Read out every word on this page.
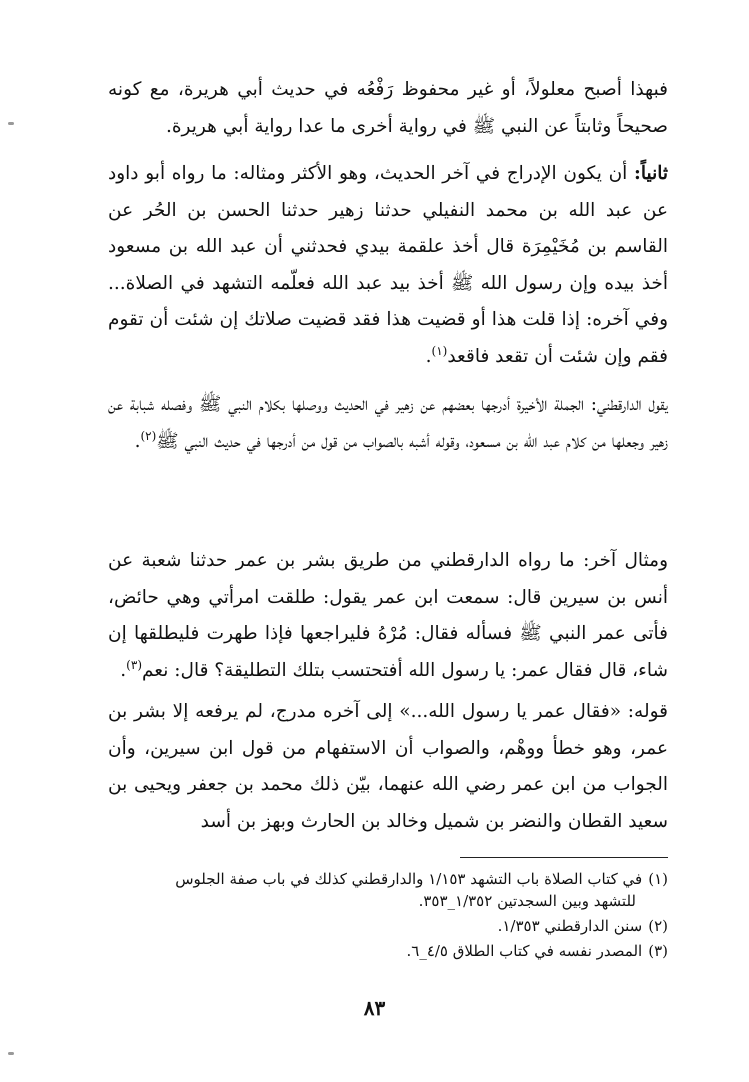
فبهذا أصبح معلولاً، أو غير محفوظ رَفْعُه في حديث أبي هريرة، مع كونه صحيحاً وثابتاً عن النبي ﷺ في رواية أخرى ما عدا رواية أبي هريرة.

ثانياً: أن يكون الإدراج في آخر الحديث، وهو الأكثر ومثاله: ما رواه أبو داود عن عبد الله بن محمد النفيلي حدثنا زهير حدثنا الحسن بن الحُر عن القاسم بن مُخَيْمِرَة قال أخذ علقمة بيدي فحدثني أن عبد الله بن مسعود أخذ بيده وإن رسول الله ﷺ أخذ بيد عبد الله فعلّمه التشهد في الصلاة... وفي آخره: إذا قلت هذا أو قضيت هذا فقد قضيت صلاتك إن شئت أن تقوم فقم وإن شئت أن تقعد فاقعد$^{(١)}$.

يقول الدارقطني: الجملة الأخيرة أدرجها بعضهم عن زهير في الحديث ووصلها بكلام النبي ﷺ وفصله شبابة عن زهير وجعلها من كلام عبد الله بن مسعود، وقوله أشبه بالصواب من قول من أدرجها في حديث النبي ﷺ$^{(٢)}$.

ومثال آخر: ما رواه الدارقطني من طريق بشر بن عمر حدثنا شعبة عن أنس بن سيرين قال: سمعت ابن عمر يقول: طلقت امرأتي وهي حائض، فأتى عمر النبي ﷺ فسأله فقال: مُرْهُ فليراجعها فإذا طهرت فليطلقها إن شاء، قال فقال عمر: يا رسول الله أفتحتسب بتلك التطليقة؟ قال: نعم$^{(٣)}$.

قوله: «فقال عمر يا رسول الله...» إلى آخره مدرج، لم يرفعه إلا بشر بن عمر، وهو خطأ ووهْم، والصواب أن الاستفهام من قول ابن سيرين، وأن الجواب من ابن عمر رضي الله عنهما، بيّن ذلك محمد بن جعفر ويحيى بن سعيد القطان والنضر بن شميل وخالد بن الحارث وبهز بن أسد

(١)في كتاب الصلاة باب التشهد ١/١٥٣ والدارقطني كذلك في باب صفة الجلوس
للتشهد وبين السجدتين ١/٣٥٢_٣٥٣.

(٢)سنن الدارقطني ١/٣٥٣.

(٣)المصدر نفسه في كتاب الطلاق ٤/٥_٦.

٨٣
